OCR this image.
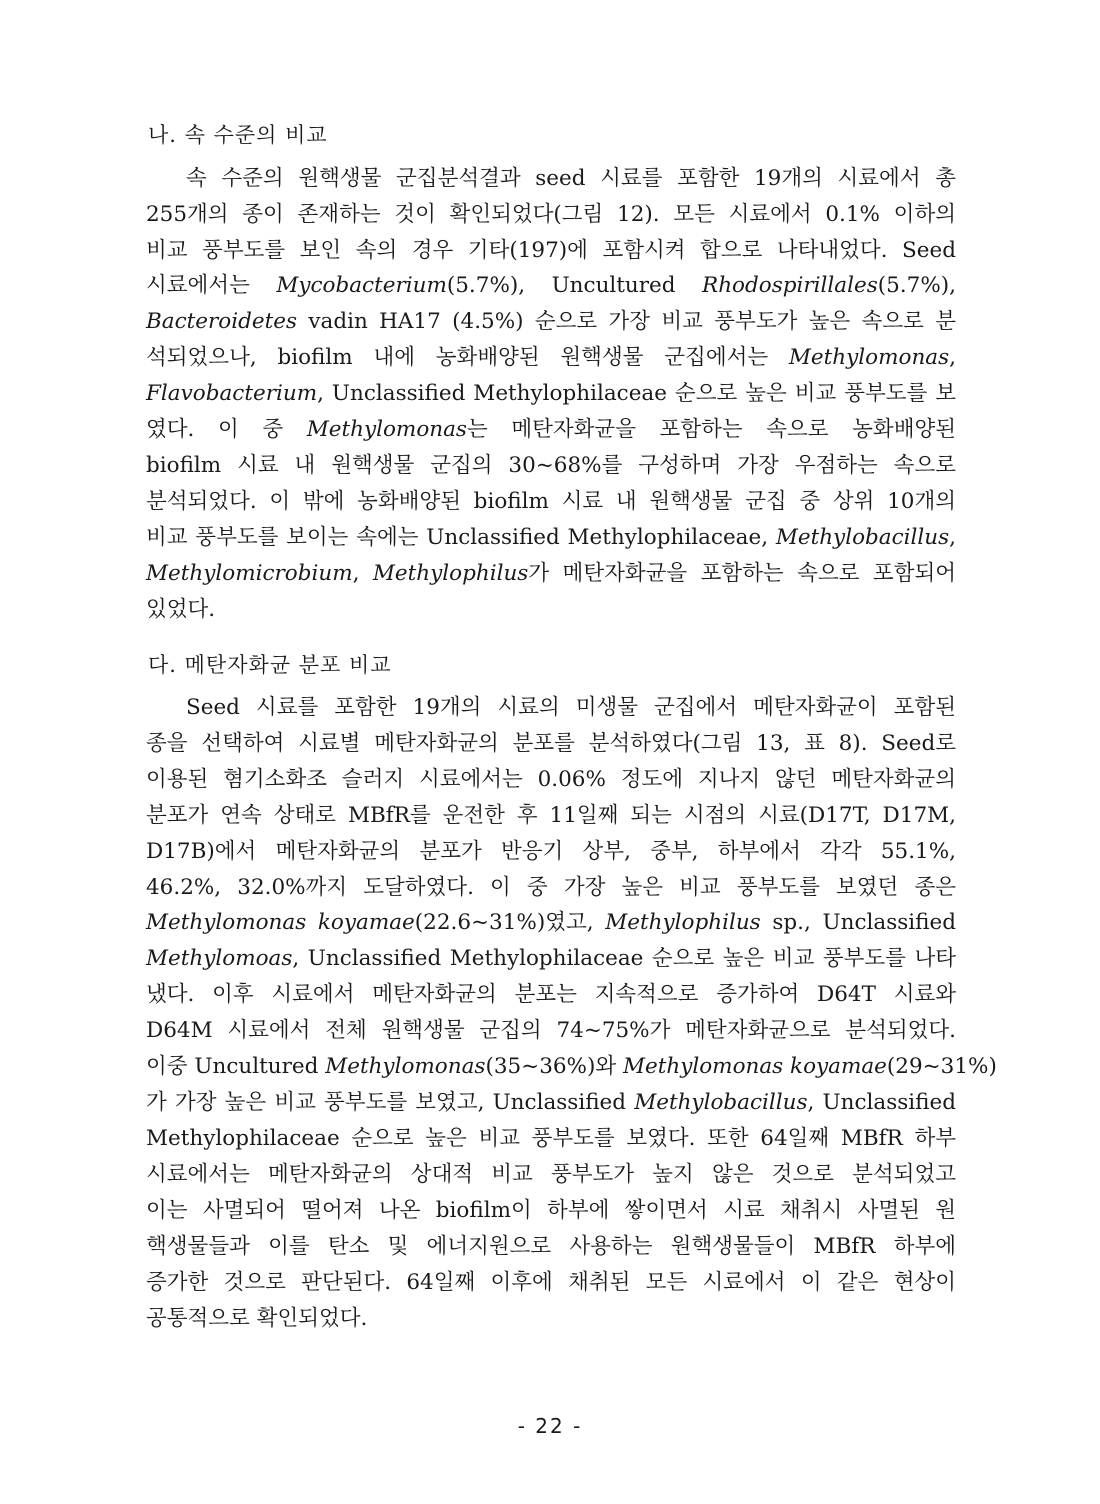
나. 속 수준의 비교
속 수준의 원핵생물 군집분석결과 seed 시료를 포함한 19개의 시료에서 총
255개의 종이 존재하는 것이 확인되었다(그림 12). 모든 시료에서 0.1% 이하의
비교 풍부도를 보인 속의 경우 기타(197)에 포함시켜 합으로 나타내었다. Seed
시료에서는 Mycobacterium(5.7%), Uncultured Rhodospirillales(5.7%),
Bacteroidetes vadin HA17 (4.5%) 순으로 가장 비교 풍부도가 높은 속으로 분
석되었으나, biofilm 내에 농화배양된 원핵생물 군집에서는 Methylomonas,
Flavobacterium, Unclassified Methylophilaceae 순으로 높은 비교 풍부도를 보
였다. 이 중 Methylomonas는 메탄자화균을 포함하는 속으로 농화배양된
biofilm 시료 내 원핵생물 군집의 30~68%를 구성하며 가장 우점하는 속으로
분석되었다. 이 밖에 농화배양된 biofilm 시료 내 원핵생물 군집 중 상위 10개의
비교 풍부도를 보이는 속에는 Unclassified Methylophilaceae, Methylobacillus,
Methylomicrobium, Methylophilus가 메탄자화균을 포함하는 속으로 포함되어
있었다.
다. 메탄자화균 분포 비교
Seed 시료를 포함한 19개의 시료의 미생물 군집에서 메탄자화균이 포함된
종을 선택하여 시료별 메탄자화균의 분포를 분석하였다(그림 13, 표 8). Seed로
이용된 혐기소화조 슬러지 시료에서는 0.06% 정도에 지나지 않던 메탄자화균의
분포가 연속 상태로 MBfR를 운전한 후 11일째 되는 시점의 시료(D17T, D17M,
D17B)에서 메탄자화균의 분포가 반응기 상부, 중부, 하부에서 각각 55.1%,
46.2%, 32.0%까지 도달하였다. 이 중 가장 높은 비교 풍부도를 보였던 종은
Methylomonas koyamae(22.6~31%)였고, Methylophilus sp., Unclassified
Methylomoas, Unclassified Methylophilaceae 순으로 높은 비교 풍부도를 나타
냈다. 이후 시료에서 메탄자화균의 분포는 지속적으로 증가하여 D64T 시료와
D64M 시료에서 전체 원핵생물 군집의 74~75%가 메탄자화균으로 분석되었다.
이중 Uncultured Methylomonas(35~36%)와 Methylomonas koyamae(29~31%)
가 가장 높은 비교 풍부도를 보였고, Unclassified Methylobacillus, Unclassified
Methylophilaceae 순으로 높은 비교 풍부도를 보였다. 또한 64일째 MBfR 하부
시료에서는 메탄자화균의 상대적 비교 풍부도가 높지 않은 것으로 분석되었고
이는 사멸되어 떨어져 나온 biofilm이 하부에 쌓이면서 시료 채취시 사멸된 원
핵생물들과 이를 탄소 및 에너지원으로 사용하는 원핵생물들이 MBfR 하부에
증가한 것으로 판단된다. 64일째 이후에 채취된 모든 시료에서 이 같은 현상이
공통적으로 확인되었다.
- 22 -
